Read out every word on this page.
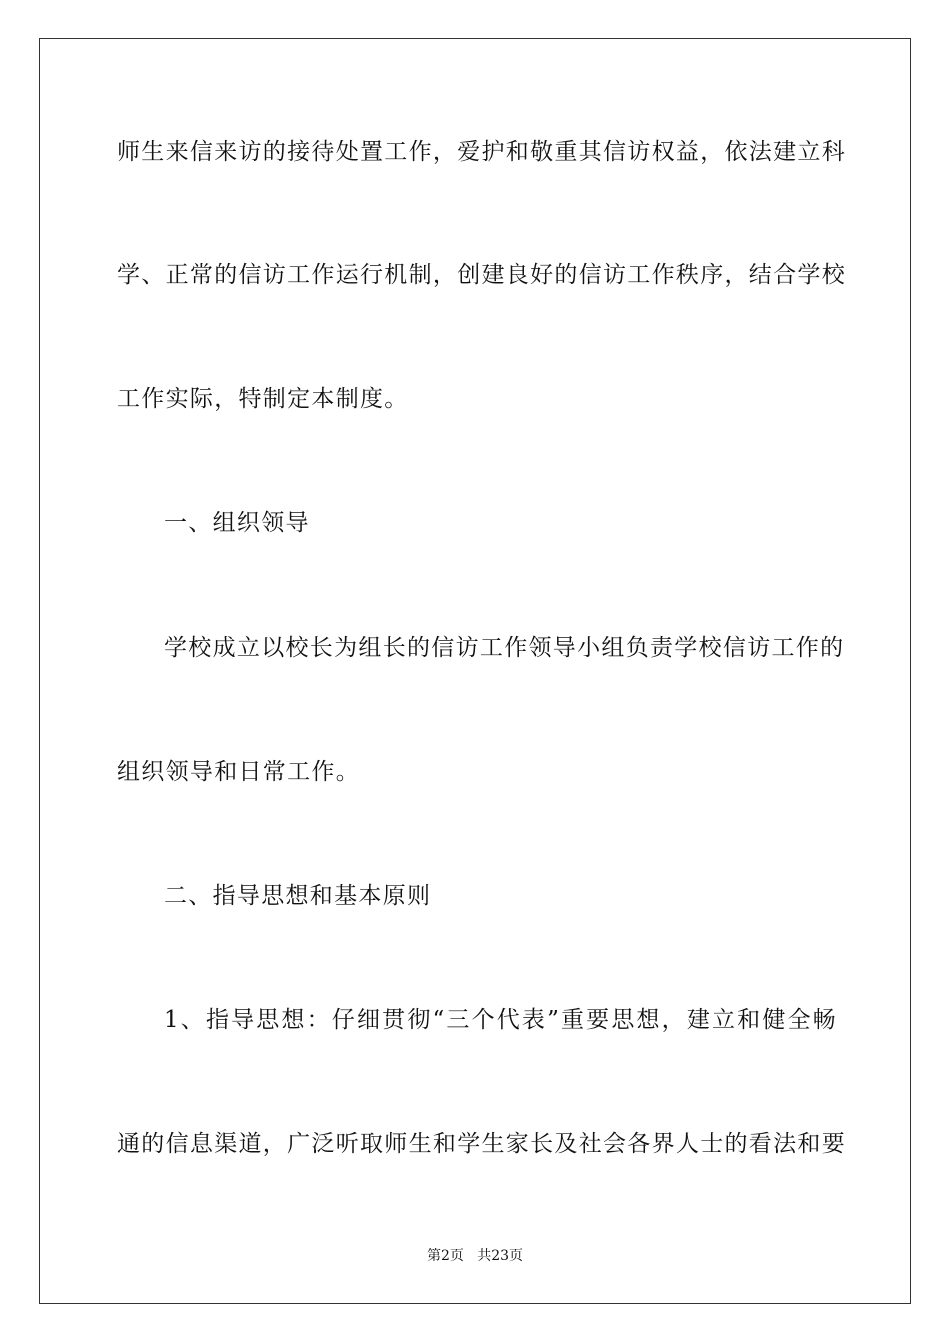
师生来信来访的接待处置工作，爱护和敬重其信访权益，依法建立科
学、正常的信访工作运行机制，创建良好的信访工作秩序，结合学校
工作实际，特制定本制度。
一、组织领导
学校成立以校长为组长的信访工作领导小组负责学校信访工作的
组织领导和日常工作。
二、指导思想和基本原则
1、指导思想：仔细贯彻“三个代表”重要思想，建立和健全畅
通的信息渠道，广泛听取师生和学生家长及社会各界人士的看法和要
第2页   共23页
